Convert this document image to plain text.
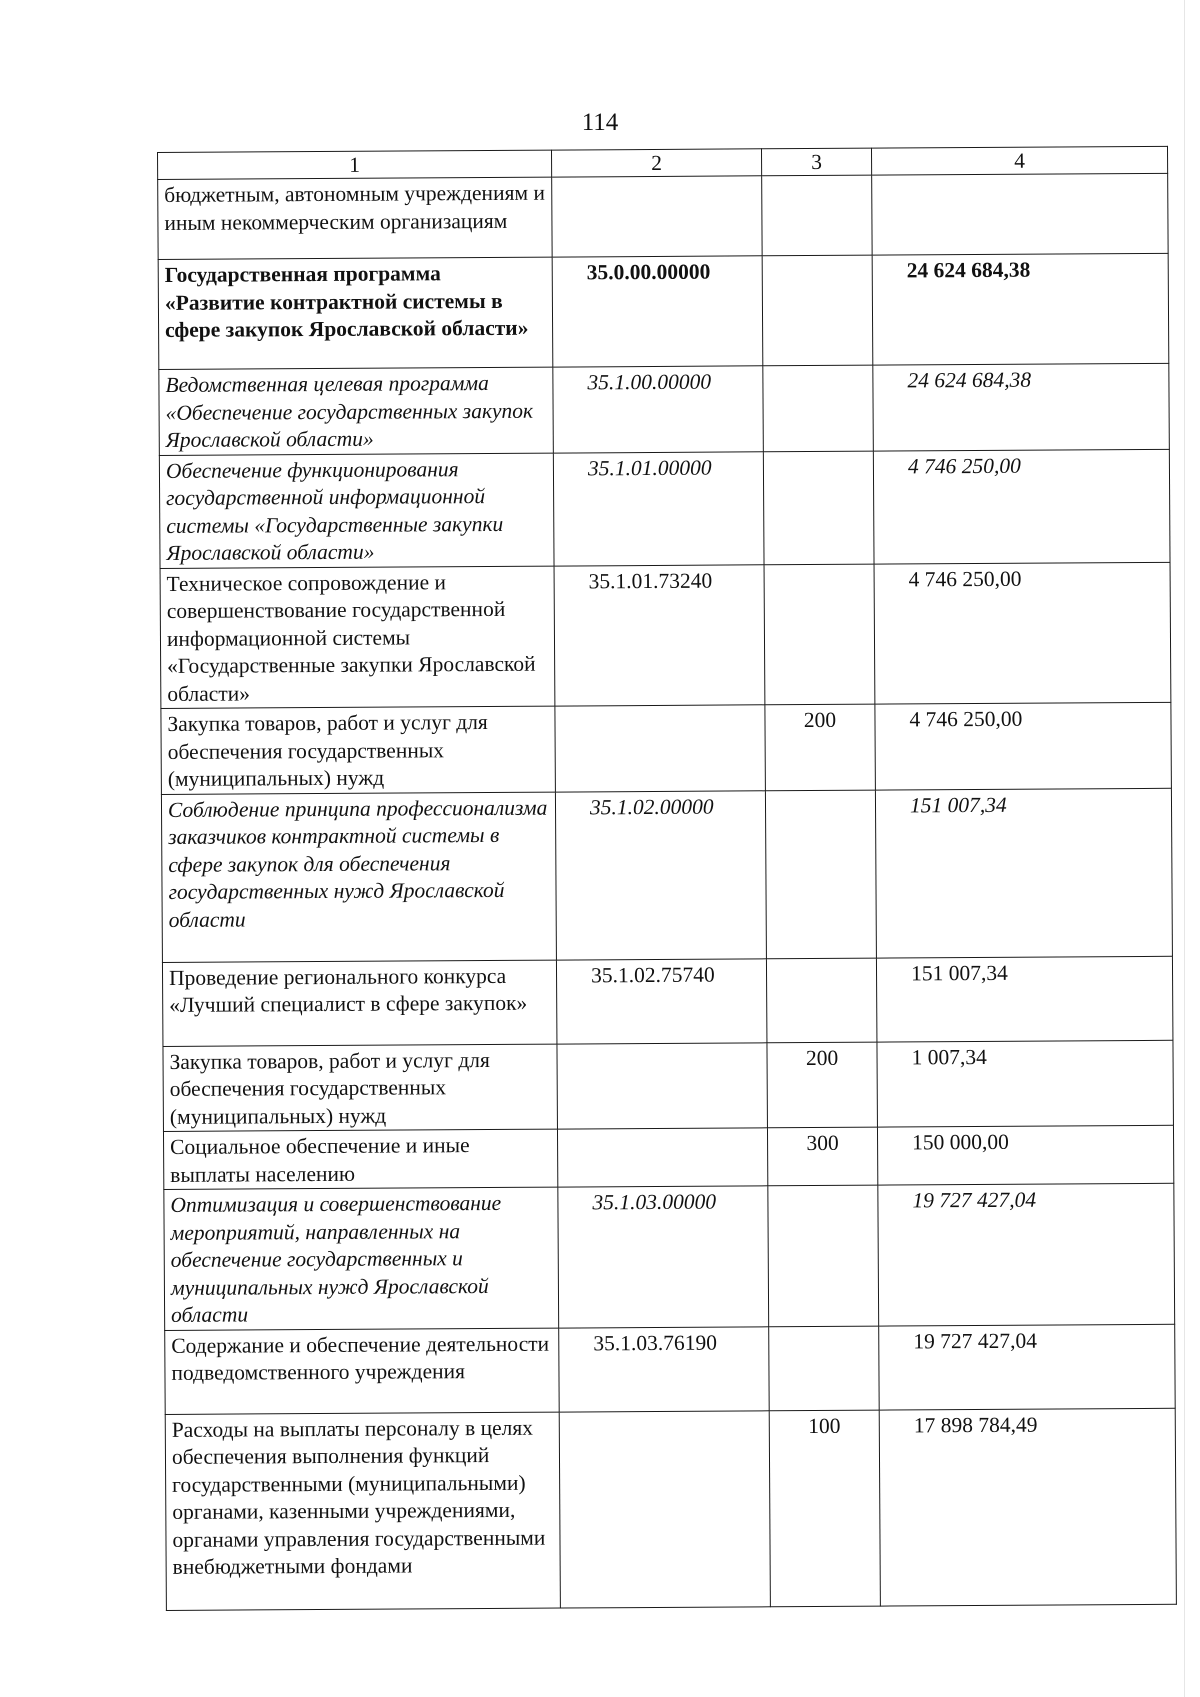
114
1	2	3	4
бюджетным, автономным учреждениям и иным некоммерческим организациям			
Государственная программа «Развитие контрактной системы в сфере закупок Ярославской области»	35.0.00.00000		24 624 684,38
Ведомственная целевая программа «Обеспечение государственных закупок Ярославской области»	35.1.00.00000		24 624 684,38
Обеспечение функционирования государственной информационной системы «Государственные закупки Ярославской области»	35.1.01.00000		4 746 250,00
Техническое сопровождение и совершенствование государственной информационной системы «Государственные закупки Ярославской области»	35.1.01.73240		4 746 250,00
Закупка товаров, работ и услуг для обеспечения государственных (муниципальных) нужд		200	4 746 250,00
Соблюдение принципа профессионализма заказчиков контрактной системы в сфере закупок для обеспечения государственных нужд Ярославской области	35.1.02.00000		151 007,34
Проведение регионального конкурса «Лучший специалист в сфере закупок»	35.1.02.75740		151 007,34
Закупка товаров, работ и услуг для обеспечения государственных (муниципальных) нужд		200	1 007,34
Социальное обеспечение и иные выплаты населению		300	150 000,00
Оптимизация и совершенствование мероприятий, направленных на обеспечение государственных и муниципальных нужд Ярославской области	35.1.03.00000		19 727 427,04
Содержание и обеспечение деятельности подведомственного учреждения	35.1.03.76190		19 727 427,04
Расходы на выплаты персоналу в целях обеспечения выполнения функций государственными (муниципальными) органами, казенными учреждениями, органами управления государственными внебюджетными фондами		100	17 898 784,49
